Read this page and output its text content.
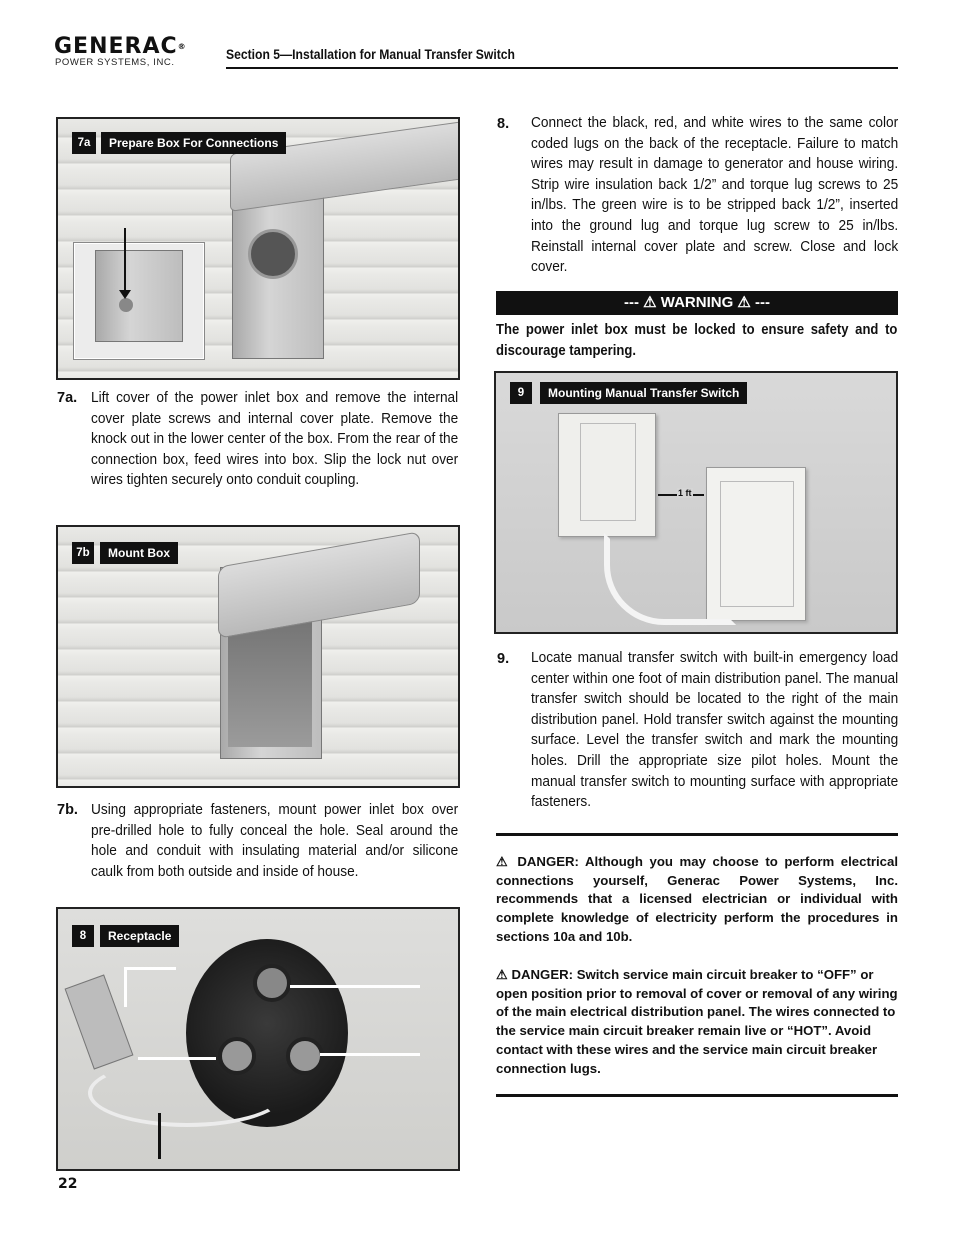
GENERAC®
POWER SYSTEMS, INC.
Section 5—Installation for Manual Transfer Switch
7a	Prepare Box For Connections
7a. Lift cover of the power inlet box and remove the internal cover plate screws and internal cover plate. Remove the knock out in the lower center of the box. From the rear of the connection box, feed wires into box. Slip the lock nut over wires tighten securely onto conduit coupling.
7b	Mount Box
7b. Using appropriate fasteners, mount power inlet box over pre-drilled hole to fully conceal the hole. Seal around the hole and conduit with insulating material and/or silicone caulk from both outside and inside of house.
8	Receptacle
22
8. Connect the black, red, and white wires to the same color coded lugs on the back of the receptacle. Failure to match wires may result in damage to generator and house wiring. Strip wire insulation back 1/2” and torque lug screws to 25 in/lbs. The green wire is to be stripped back 1/2”, inserted into the ground lug and torque lug screw to 25 in/lbs. Reinstall internal cover plate and screw. Close and lock cover.
--- ⚠ WARNING ⚠ ---
The power inlet box must be locked to ensure safety and to discourage tampering.
1 ft
9	Mounting Manual Transfer Switch
9. Locate manual transfer switch with built-in emergency load center within one foot of main distribution panel. The manual transfer switch should be located to the right of the main distribution panel. Hold transfer switch against the mounting surface. Level the transfer switch and mark the mounting holes. Drill the appropriate size pilot holes. Mount the manual transfer switch to mounting surface with appropriate fasteners.
⚠ DANGER: Although you may choose to perform electrical connections yourself, Generac Power Systems, Inc. recommends that a licensed electrician or individual with complete knowledge of electricity perform the procedures in sections 10a and 10b.
⚠ DANGER: Switch service main circuit breaker to “OFF” or open position prior to removal of cover or removal of any wiring of the main electrical distribution panel. The wires connected to the service main circuit breaker remain live or “HOT”. Avoid contact with these wires and the service main circuit breaker connection lugs.
